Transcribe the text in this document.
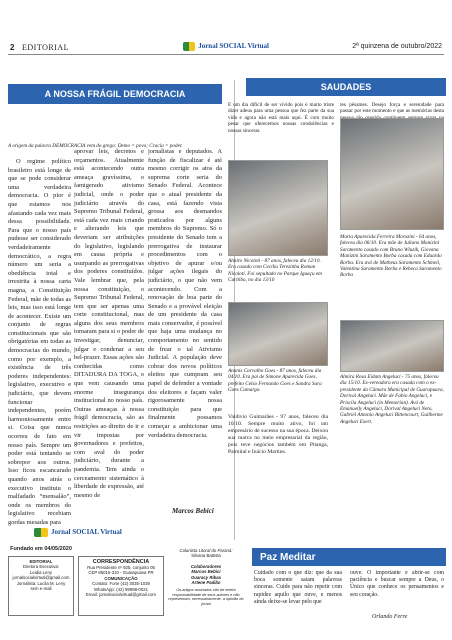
2 EDITORIAL	Jornal SOCIAL Virtual	2ª quinzena de outubro/2022
A NOSSA FRÁGIL DEMOCRACIA
A origem da palavra DEMOCRACIA vem do grego: Demo = povo; Cracia = poder.

O regime político brasileiro está longe de que se pode considerar uma verdadeira democracia. O pior é que estamos nos afastando cada vez mais dessa possibilidade. Para que o nosso país pudesse ser considerado verdadeiramente democrático, a regra número um seria a obediência total e irrestrita à nossa carta magna, a Constituição Federal, mãe de todas as leis, mas isso está longe de acontecer. Existe um conjunto de regras constitucionais que são obrigatórias em todas as democracias do mundo, como por exemplo, a existência de três poderes independentes: legislativo, executivo e judiciário, que devem funcionar independentes, porém harmoniosamente entre si. Coisa que nunca ocorreu de fato em nosso país. Sempre um poder está tentando se sobrepor aos outros. Isso ficou escancarado quando anos atrás o executivo instituiu o malfadado “mensalão”, onde os membros do legislativo recebiam gordas mesadas para

aprovar leis, decretos e orçamentos. Atualmente está acontecendo outra ameaça gravíssima, o famigerado ativismo judicial, onde o poder judiciário através do Supremo Tribunal Federal, está cada vez mais criando e alterando leis que deveriam ser atribuições do legislativo, legislando em causa própria e usurpando as prerrogativas dos poderes constituídos. Vale lembrar que, pela nossa constituição, o Supremo Tribunal Federal, tem que ser apenas uma corte constitucional, mas alguns dos seus membros tomaram para si o poder de investigar, denunciar, julgar e condenar a seu bel-prazer. Essas ações são conhecidas como DITADURA DA TOGA, o que vem causando uma enorme insegurança institucional no nosso país. Outras ameaças à nossa frágil democracia, são as restrições ao direito de ir e vir impostas por governadores e prefeitos, com aval do poder judiciário, durante a pandemia. Tem ainda o cerceamento sistemático à liberdade de expressão, até mesmo de

jornalistas e deputados. A função de fiscalizar é até mesmo corrigir os atos da suprema corte seria do Senado Federal. Acontece que o atual presidente da casa, está fazendo vista grossa aos desmandos praticados por alguns membros do Supremo. Só o presidente do Senado tem a prerrogativa de instaurar procedimentos com o objetivo de apurar e/ou julgar ações ilegais do judiciário, o que não vem acontecendo. Com a renovação de boa parte do Senado e a provável eleição de um presidente da casa mais conservador, é possível que haja uma mudança no comportamento no sentido de frear o tal Ativismo Judicial. A população deve cobrar dos novos políticos eleitos que cumpram seu papel de defender a vontade dos eleitores e façam valer rigorosamente nossa constituição para que finalmente possamos começar a ambicionar uma verdadeira democracia.

Marcos Bebici
SAUDADES
É um dia difícil de ser vivido pois é muito triste dizer adeus para uma pessoa que fez parte da sua vida e agora não está mais aqui. É com muito pesar que oferecemos nossas condolências e nossas sinceras
tes pêsames. Desejo força e serenidade para passar por este momento e que as memórias desta
Almiro Nicoloti - 87 anos, faleceu dia 12/10. Era casado com Cecilia Terezinha Roman Nicoloti. Foi sepultado no Parque Iguaçu em Curitiba, no dia 13/10
Maria Aparecida Ferreira Morozini - 64 anos, faleceu dia 06/10. Era mãe de Juliano Manizini Saramento casado com Bruno Wluzik, Giovana Manizini Saramento Borba casada com Eduardo Borba. Era avó de Matheus Saramento Schmeil, Valentina Saramento Borba e Rebeca Saramento Borba
Ananis Carvalho Goes - 87 anos, faleceu dia 04/10. Era pai de Simone Aparecida Goes, prefeito Celso Fernando Goes e Sandra Sara Goes Camargo.
Valdivio Guimarães - 97 anos, faleceu dia 10/10. Sempre muito ativo, foi um empresário de sucesso na sua época. Deixou sua marca no meio empresarial da região, pois teve negócios também em Pitanga, Palmital e Inácio Martins.
Almira Rosa Eidam Angeluci - 75 anos, faleceu dia 15/10. Ex-vereadora era casada com o ex-presidente da Câmara Municipal de Guarapuava, Dorival Angeluci. Mãe de Fabio Angeluci, e Priscila Angeluci (in Memorian). Avó de Emanuelly Angeluci, Dorival Angeluci Neto, Gabriel Antonio Angeluci Bittencourt, Guilherme Angeluci Exert.
Paz Meditar
Cuidado com o que diz: que da sua boca somente saiam palavras sinceras. Cuide para não repetir com rapidez aquilo que ouve, e menos ainda deixe-se levar pelo que
ouve. O importante é abrir-se com paciência e buscar sempre a Deus, o Único que conhece os pensamentos e seu coração.
Orlando Ferre
Jornal SOCIAL Virtual
Fundado em 04/05/2020
EDITORIAL
Diretora Executiva:
Leidia Leny
jornalsocialvirtual@gmail.com
Jornalista: Lucila M. Leny
sem e-mail
CORRESPONDÊNCIA
Rua Presidente nº 925, conjunto 05
CEP 85015-310 - Guarapuava PR
COMUNICAÇÃO
Contato: Fone (42) 3035-1039
WhatsApp: (42) 99998-0021
Email: jornalsocialvirtual@gmail.com
Colunista Litoral do Paraná:
Silvana Battista
Colaboradores
Marcos Bebici
Guaracy Ribas
Artene Padião
Os artigos assinados são de inteira responsabilidade de seus autores e não representam, necessariamente, a opinião do jornal
